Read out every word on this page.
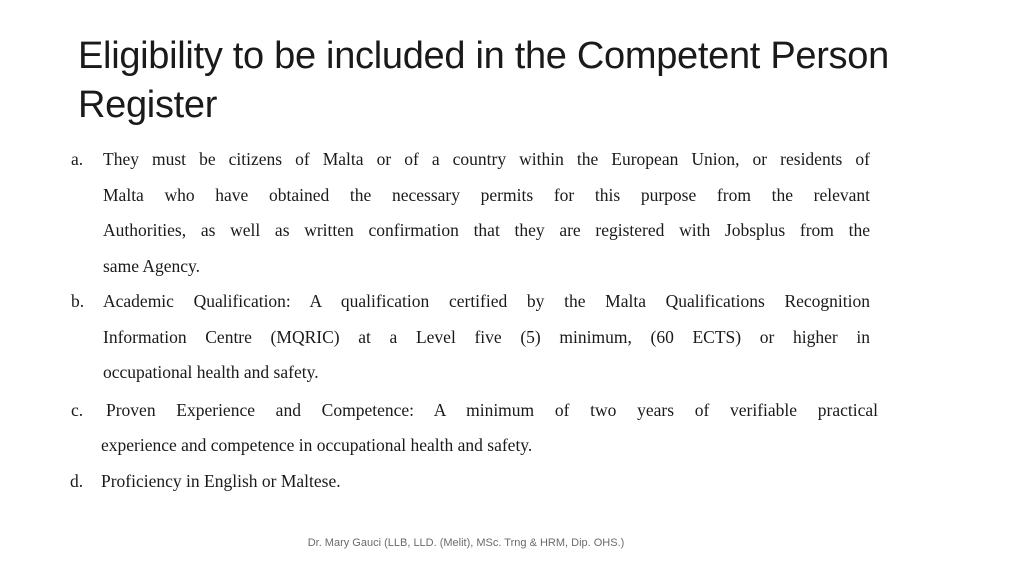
Eligibility to be included in the Competent Person Register
a. They must be citizens of Malta or of a country within the European Union, or residents of
Malta who have obtained the necessary permits for this purpose from the relevant
Authorities, as well as written confirmation that they are registered with Jobsplus from the
same Agency.
b. Academic Qualification: A qualification certified by the Malta Qualifications Recognition
Information Centre (MQRIC) at a Level five (5) minimum, (60 ECTS) or higher in
occupational health and safety.
c. Proven Experience and Competence: A minimum of two years of verifiable practical
experience and competence in occupational health and safety.
d. Proficiency in English or Maltese.
Dr. Mary Gauci (LLB, LLD. (Melit), MSc. Trng & HRM, Dip. OHS.)
